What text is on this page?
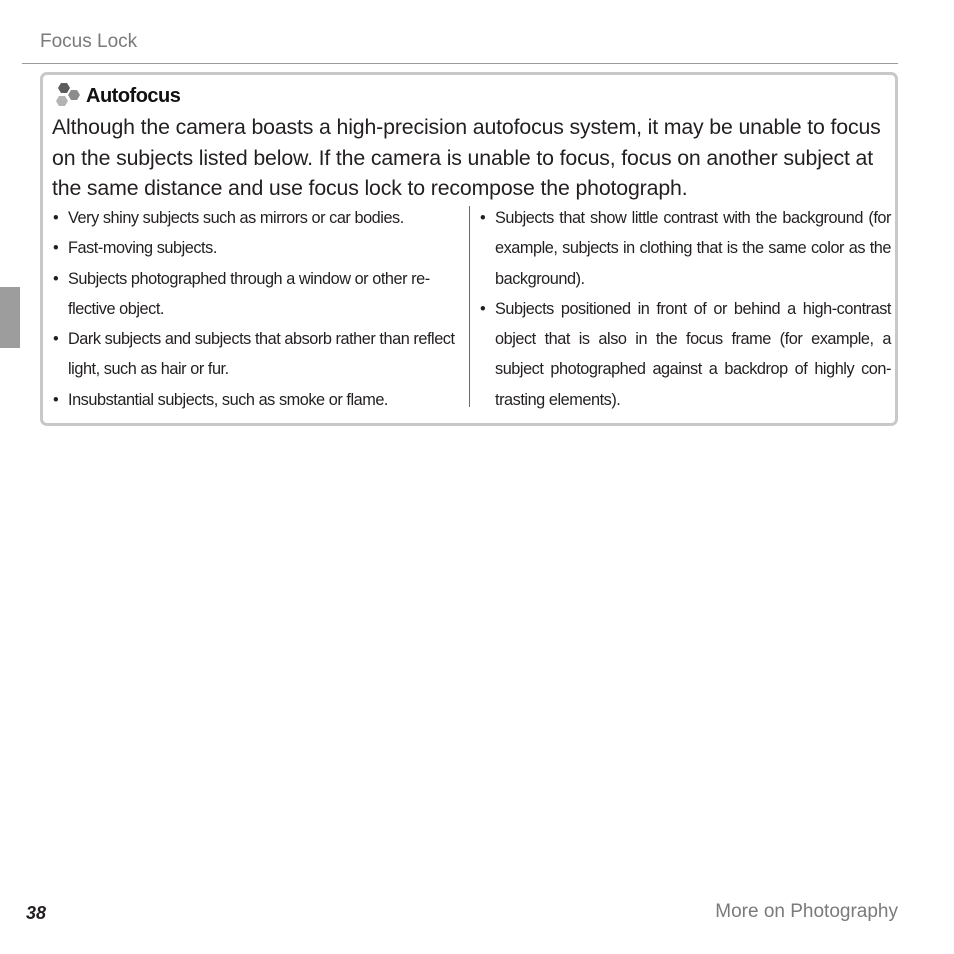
Focus Lock
Autofocus
Although the camera boasts a high-precision autofocus system, it may be unable to focus on the subjects listed below. If the camera is unable to focus, focus on another subject at the same distance and use focus lock to recompose the photograph.
• Very shiny subjects such as mirrors or car bodies.
• Fast-moving subjects.
• Subjects photographed through a window or other re-flective object.
• Dark subjects and subjects that absorb rather than reflect light, such as hair or fur.
• Insubstantial subjects, such as smoke or flame.
• Subjects that show little contrast with the background (for example, subjects in clothing that is the same color as the background).
• Subjects positioned in front of or behind a high-contrast object that is also in the focus frame (for example, a subject photographed against a backdrop of highly con-trasting elements).
38	More on Photography
